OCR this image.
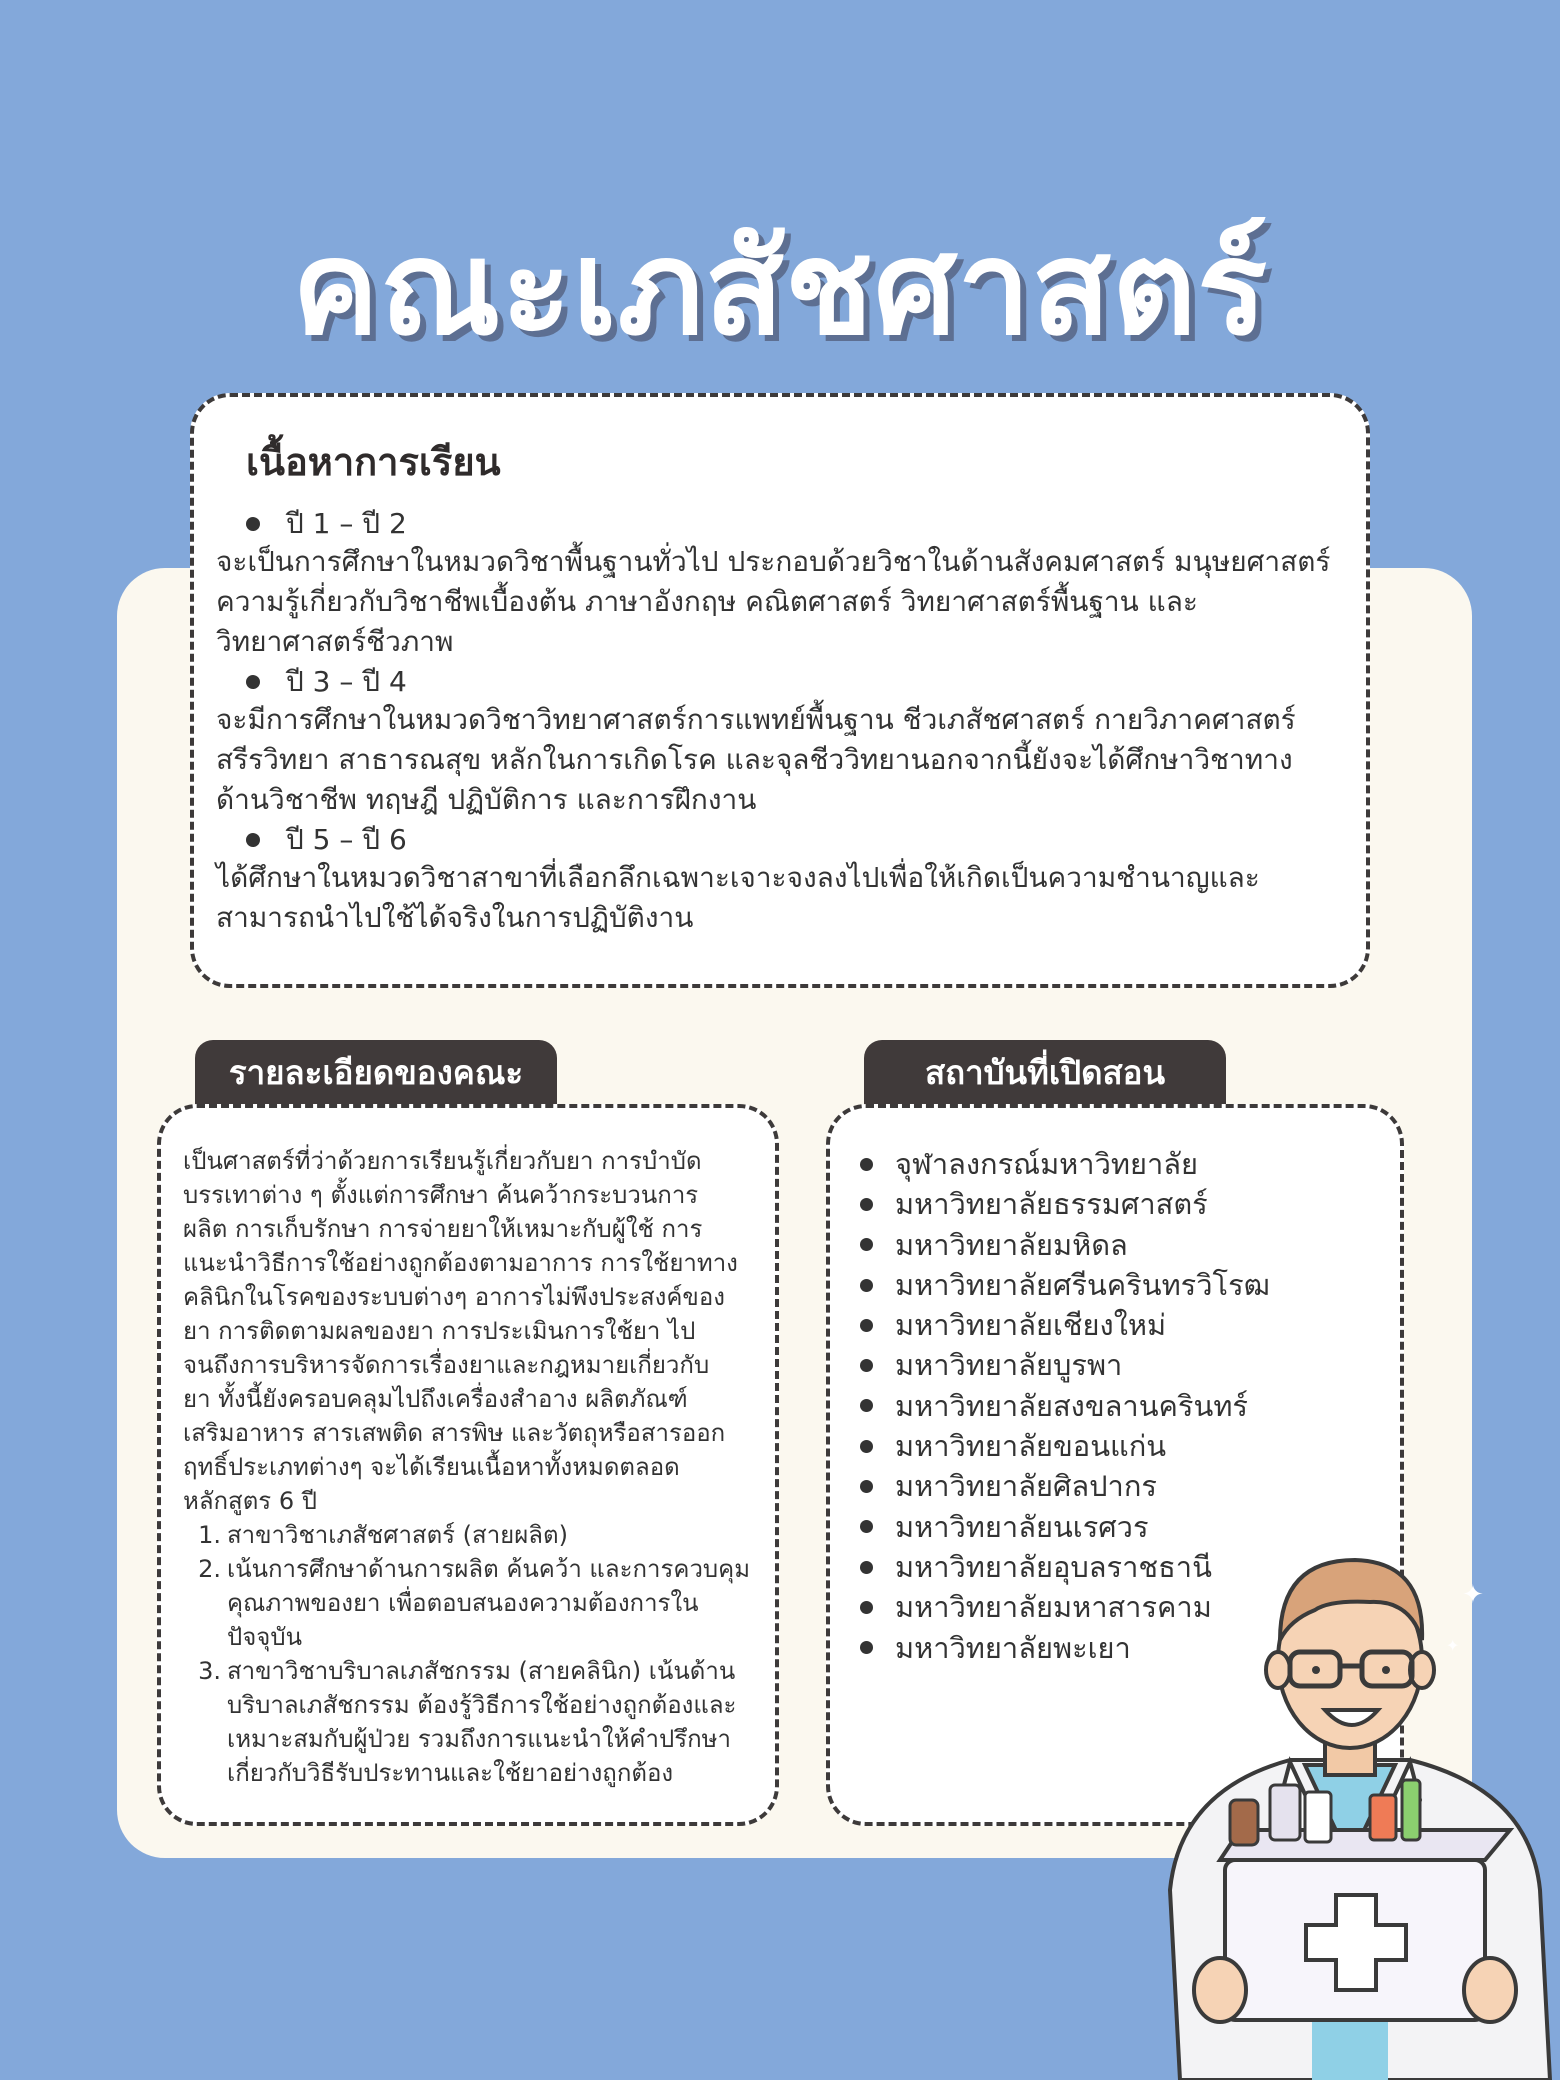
คณะเภสัชศาสตร์
เนื้อหาการเรียน
ปี 1 – ปี 2
จะเป็นการศึกษาในหมวดวิชาพื้นฐานทั่วไป ประกอบด้วยวิชาในด้านสังคมศาสตร์ มนุษยศาสตร์
ความรู้เกี่ยวกับวิชาชีพเบื้องต้น ภาษาอังกฤษ คณิตศาสตร์ วิทยาศาสตร์พื้นฐาน และ
วิทยาศาสตร์ชีวภาพ
ปี 3 – ปี 4
จะมีการศึกษาในหมวดวิชาวิทยาศาสตร์การแพทย์พื้นฐาน ชีวเภสัชศาสตร์ กายวิภาคศาสตร์
สรีรวิทยา สาธารณสุข หลักในการเกิดโรค และจุลชีววิทยานอกจากนี้ยังจะได้ศึกษาวิชาทาง
ด้านวิชาชีพ ทฤษฎี ปฏิบัติการ และการฝึกงาน
ปี 5 – ปี 6
ได้ศึกษาในหมวดวิชาสาขาที่เลือกลึกเฉพาะเจาะจงลงไปเพื่อให้เกิดเป็นความชำนาญและ
สามารถนำไปใช้ได้จริงในการปฏิบัติงาน
รายละเอียดของคณะ
เป็นศาสตร์ที่ว่าด้วยการเรียนรู้เกี่ยวกับยา การบำบัด
บรรเทาต่าง ๆ ตั้งแต่การศึกษา ค้นคว้ากระบวนการ
ผลิต การเก็บรักษา การจ่ายยาให้เหมาะกับผู้ใช้ การ
แนะนำวิธีการใช้อย่างถูกต้องตามอาการ การใช้ยาทาง
คลินิกในโรคของระบบต่างๆ อาการไม่พึงประสงค์ของ
ยา การติดตามผลของยา การประเมินการใช้ยา ไป
จนถึงการบริหารจัดการเรื่องยาและกฎหมายเกี่ยวกับ
ยา ทั้งนี้ยังครอบคลุมไปถึงเครื่องสำอาง ผลิตภัณฑ์
เสริมอาหาร สารเสพติด สารพิษ และวัตถุหรือสารออก
ฤทธิ์ประเภทต่างๆ จะได้เรียนเนื้อหาทั้งหมดตลอด
หลักสูตร 6 ปี
1. สาขาวิชาเภสัชศาสตร์ (สายผลิต)
2. เน้นการศึกษาด้านการผลิต ค้นคว้า และการควบคุม
คุณภาพของยา เพื่อตอบสนองความต้องการใน
ปัจจุบัน
3. สาขาวิชาบริบาลเภสัชกรรม (สายคลินิก) เน้นด้าน
บริบาลเภสัชกรรม ต้องรู้วิธีการใช้อย่างถูกต้องและ
เหมาะสมกับผู้ป่วย รวมถึงการแนะนำให้คำปรึกษา
เกี่ยวกับวิธีรับประทานและใช้ยาอย่างถูกต้อง
สถาบันที่เปิดสอน
จุฬาลงกรณ์มหาวิทยาลัย
มหาวิทยาลัยธรรมศาสตร์
มหาวิทยาลัยมหิดล
มหาวิทยาลัยศรีนครินทรวิโรฒ
มหาวิทยาลัยเชียงใหม่
มหาวิทยาลัยบูรพา
มหาวิทยาลัยสงขลานครินทร์
มหาวิทยาลัยขอนแก่น
มหาวิทยาลัยศิลปากร
มหาวิทยาลัยนเรศวร
มหาวิทยาลัยอุบลราชธานี
มหาวิทยาลัยมหาสารคาม
มหาวิทยาลัยพะเยา
✦	✦
✦
✦
